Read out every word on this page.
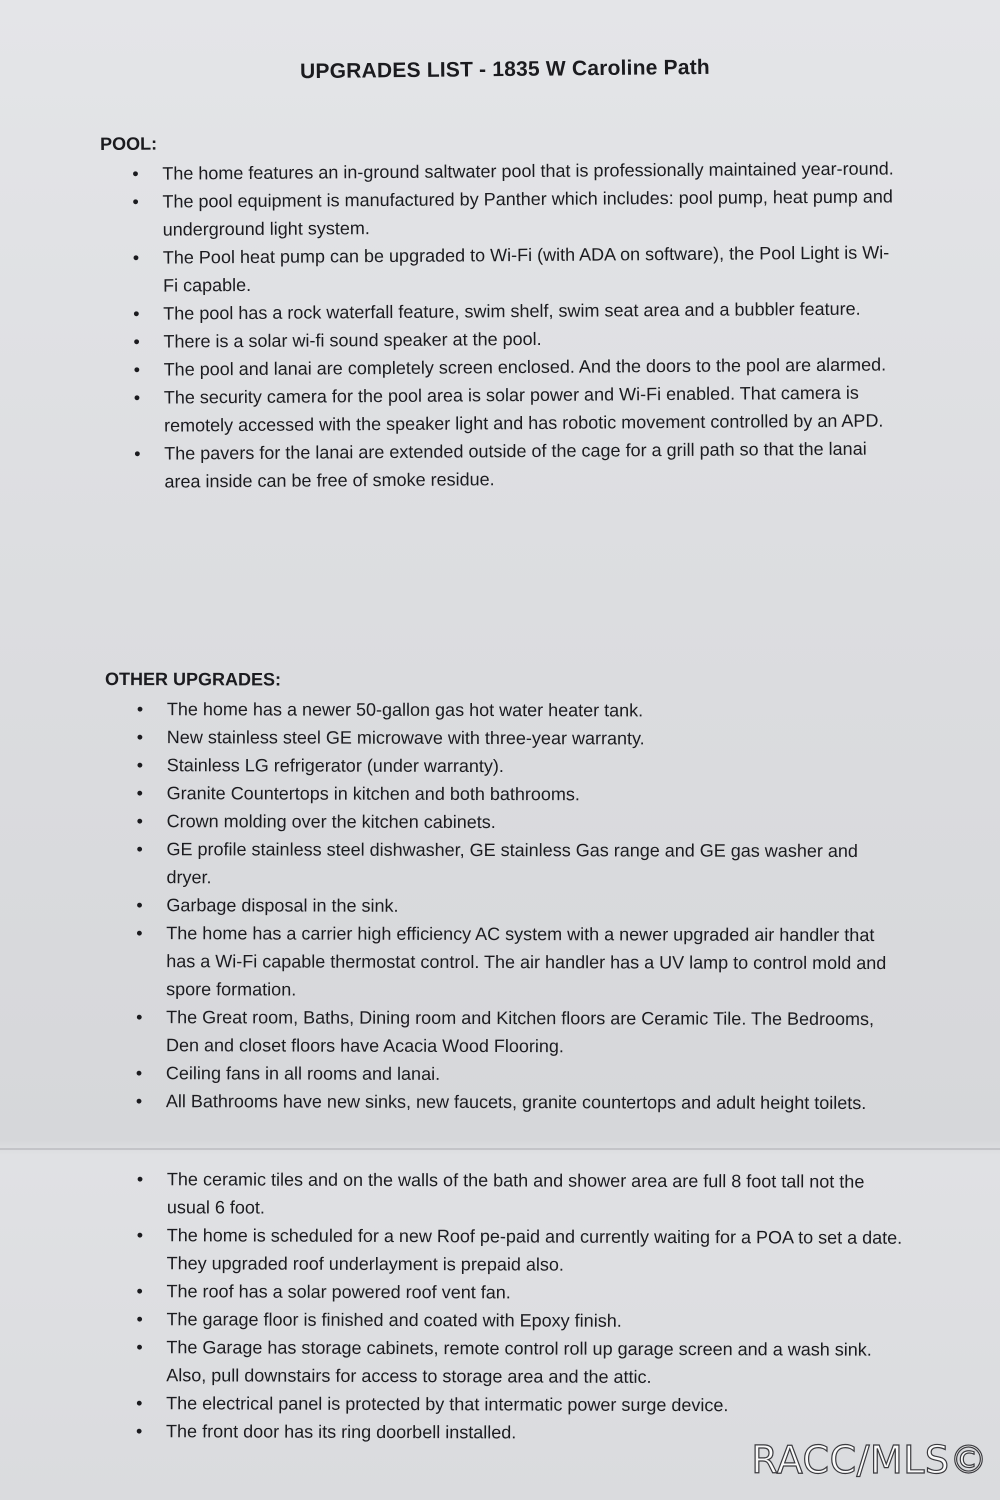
UPGRADES LIST - 1835 W Caroline Path
POOL:
• The home features an in-ground saltwater pool that is professionally maintained year-round.
• The pool equipment is manufactured by Panther which includes: pool pump, heat pump and underground light system.
• The Pool heat pump can be upgraded to Wi-Fi (with ADA on software), the Pool Light is Wi-Fi capable.
• The pool has a rock waterfall feature, swim shelf, swim seat area and a bubbler feature.
• There is a solar wi-fi sound speaker at the pool.
• The pool and lanai are completely screen enclosed. And the doors to the pool are alarmed.
• The security camera for the pool area is solar power and Wi-Fi enabled. That camera is remotely accessed with the speaker light and has robotic movement controlled by an APD.
• The pavers for the lanai are extended outside of the cage for a grill path so that the lanai area inside can be free of smoke residue.
OTHER UPGRADES:
• The home has a newer 50-gallon gas hot water heater tank.
• New stainless steel GE microwave with three-year warranty.
• Stainless LG refrigerator (under warranty).
• Granite Countertops in kitchen and both bathrooms.
• Crown molding over the kitchen cabinets.
• GE profile stainless steel dishwasher, GE stainless Gas range and GE gas washer and dryer.
• Garbage disposal in the sink.
• The home has a carrier high efficiency AC system with a newer upgraded air handler that has a Wi-Fi capable thermostat control. The air handler has a UV lamp to control mold and spore formation.
• The Great room, Baths, Dining room and Kitchen floors are Ceramic Tile. The Bedrooms, Den and closet floors have Acacia Wood Flooring.
• Ceiling fans in all rooms and lanai.
• All Bathrooms have new sinks, new faucets, granite countertops and adult height toilets.
• The ceramic tiles and on the walls of the bath and shower area are full 8 foot tall not the usual 6 foot.
• The home is scheduled for a new Roof pe-paid and currently waiting for a POA to set a date. They upgraded roof underlayment is prepaid also.
• The roof has a solar powered roof vent fan.
• The garage floor is finished and coated with Epoxy finish.
• The Garage has storage cabinets, remote control roll up garage screen and a wash sink. Also, pull downstairs for access to storage area and the attic.
• The electrical panel is protected by that intermatic power surge device.
• The front door has its ring doorbell installed.
RACC/MLS©
